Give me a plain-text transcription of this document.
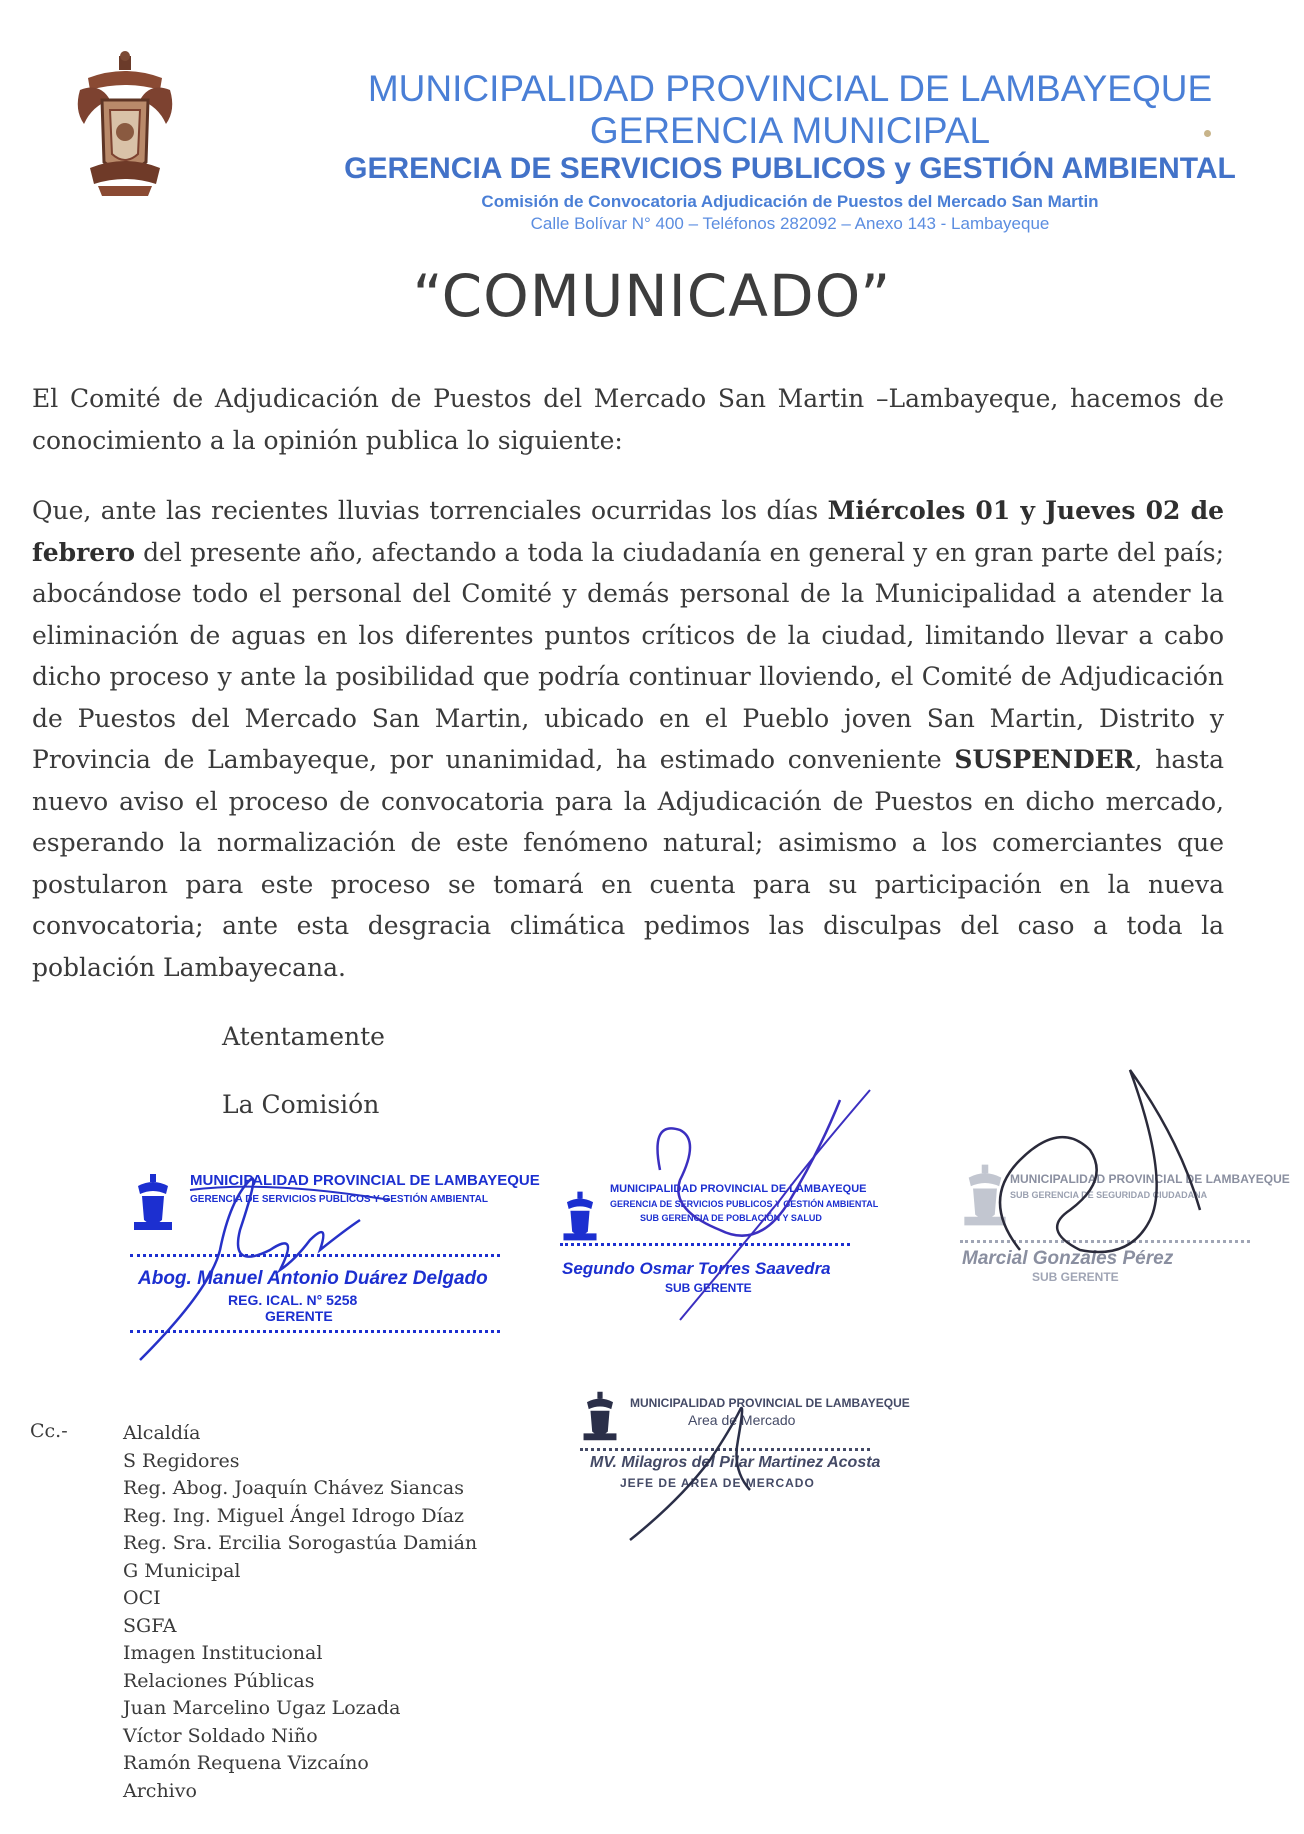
MUNICIPALIDAD PROVINCIAL DE LAMBAYEQUE
GERENCIA MUNICIPAL
GERENCIA DE SERVICIOS PUBLICOS y GESTIÓN AMBIENTAL
Comisión de Convocatoria Adjudicación de Puestos del Mercado San Martin
Calle Bolívar N° 400 – Teléfonos 282092 – Anexo 143 - Lambayeque
“COMUNICADO”
El Comité de Adjudicación de Puestos del Mercado San Martin –Lambayeque, hacemos de conocimiento a la opinión publica lo siguiente:
Que, ante las recientes lluvias torrenciales ocurridas los días Miércoles 01 y Jueves 02 de febrero del presente año, afectando a toda la ciudadanía en general y en gran parte del país; abocándose todo el personal del Comité y demás personal de la Municipalidad a atender la eliminación de aguas en los diferentes puntos críticos de la ciudad, limitando llevar a cabo dicho proceso y ante la posibilidad que podría continuar lloviendo, el Comité de Adjudicación de Puestos del Mercado San Martin, ubicado en el Pueblo joven San Martin, Distrito y Provincia de Lambayeque, por unanimidad, ha estimado conveniente SUSPENDER, hasta nuevo aviso el proceso de convocatoria para la Adjudicación de Puestos en dicho mercado, esperando la normalización de este fenómeno natural; asimismo a los comerciantes que postularon para este proceso se tomará en cuenta para su participación en la nueva convocatoria; ante esta desgracia climática pedimos las disculpas del caso a toda la población Lambayecana.
Atentamente
La Comisión
MUNICIPALIDAD PROVINCIAL DE LAMBAYEQUE
GERENCIA DE SERVICIOS PUBLICOS Y GESTIÓN AMBIENTAL
Abog. Manuel Antonio Duárez Delgado
REG. ICAL. N° 5258
GERENTE
MUNICIPALIDAD PROVINCIAL DE LAMBAYEQUE
GERENCIA DE SERVICIOS PUBLICOS Y GESTIÓN AMBIENTAL
SUB GERENCIA DE POBLACIÓN Y SALUD
Segundo Osmar Torres Saavedra
SUB GERENTE
MUNICIPALIDAD PROVINCIAL DE LAMBAYEQUE
SUB GERENCIA DE SEGURIDAD CIUDADANA
Marcial Gonzales Pérez
SUB GERENTE
MUNICIPALIDAD PROVINCIAL DE LAMBAYEQUE
Area de Mercado
MV. Milagros del Pilar Martinez Acosta
JEFE DE AREA DE MERCADO
Cc.-	Alcaldía
S Regidores
Reg. Abog. Joaquín Chávez Siancas
Reg. Ing. Miguel Ángel Idrogo Díaz
Reg. Sra. Ercilia Sorogastúa Damián
G Municipal
OCI
SGFA
Imagen Institucional
Relaciones Públicas
Juan Marcelino Ugaz Lozada
Víctor Soldado Niño
Ramón Requena Vizcaíno
Archivo
